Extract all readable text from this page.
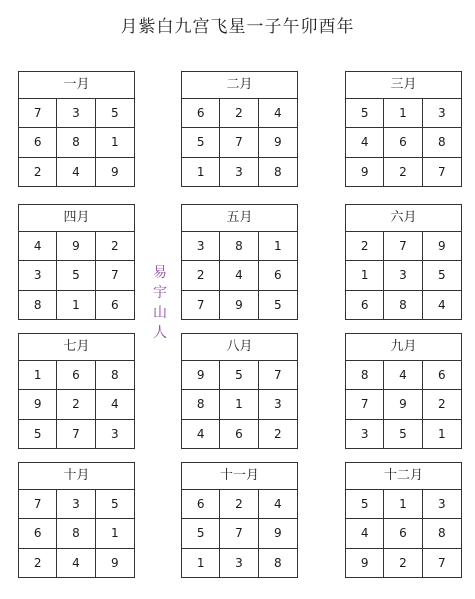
月紫白九宫飞星一子午卯酉年
易
宇
山
人
一月
7	3	5
6	8	1
2	4	9
二月
6	2	4
5	7	9
1	3	8
三月
5	1	3
4	6	8
9	2	7
四月
4	9	2
3	5	7
8	1	6
五月
3	8	1
2	4	6
7	9	5
六月
2	7	9
1	3	5
6	8	4
七月
1	6	8
9	2	4
5	7	3
八月
9	5	7
8	1	3
4	6	2
九月
8	4	6
7	9	2
3	5	1
十月
7	3	5
6	8	1
2	4	9
十一月
6	2	4
5	7	9
1	3	8
十二月
5	1	3
4	6	8
9	2	7
